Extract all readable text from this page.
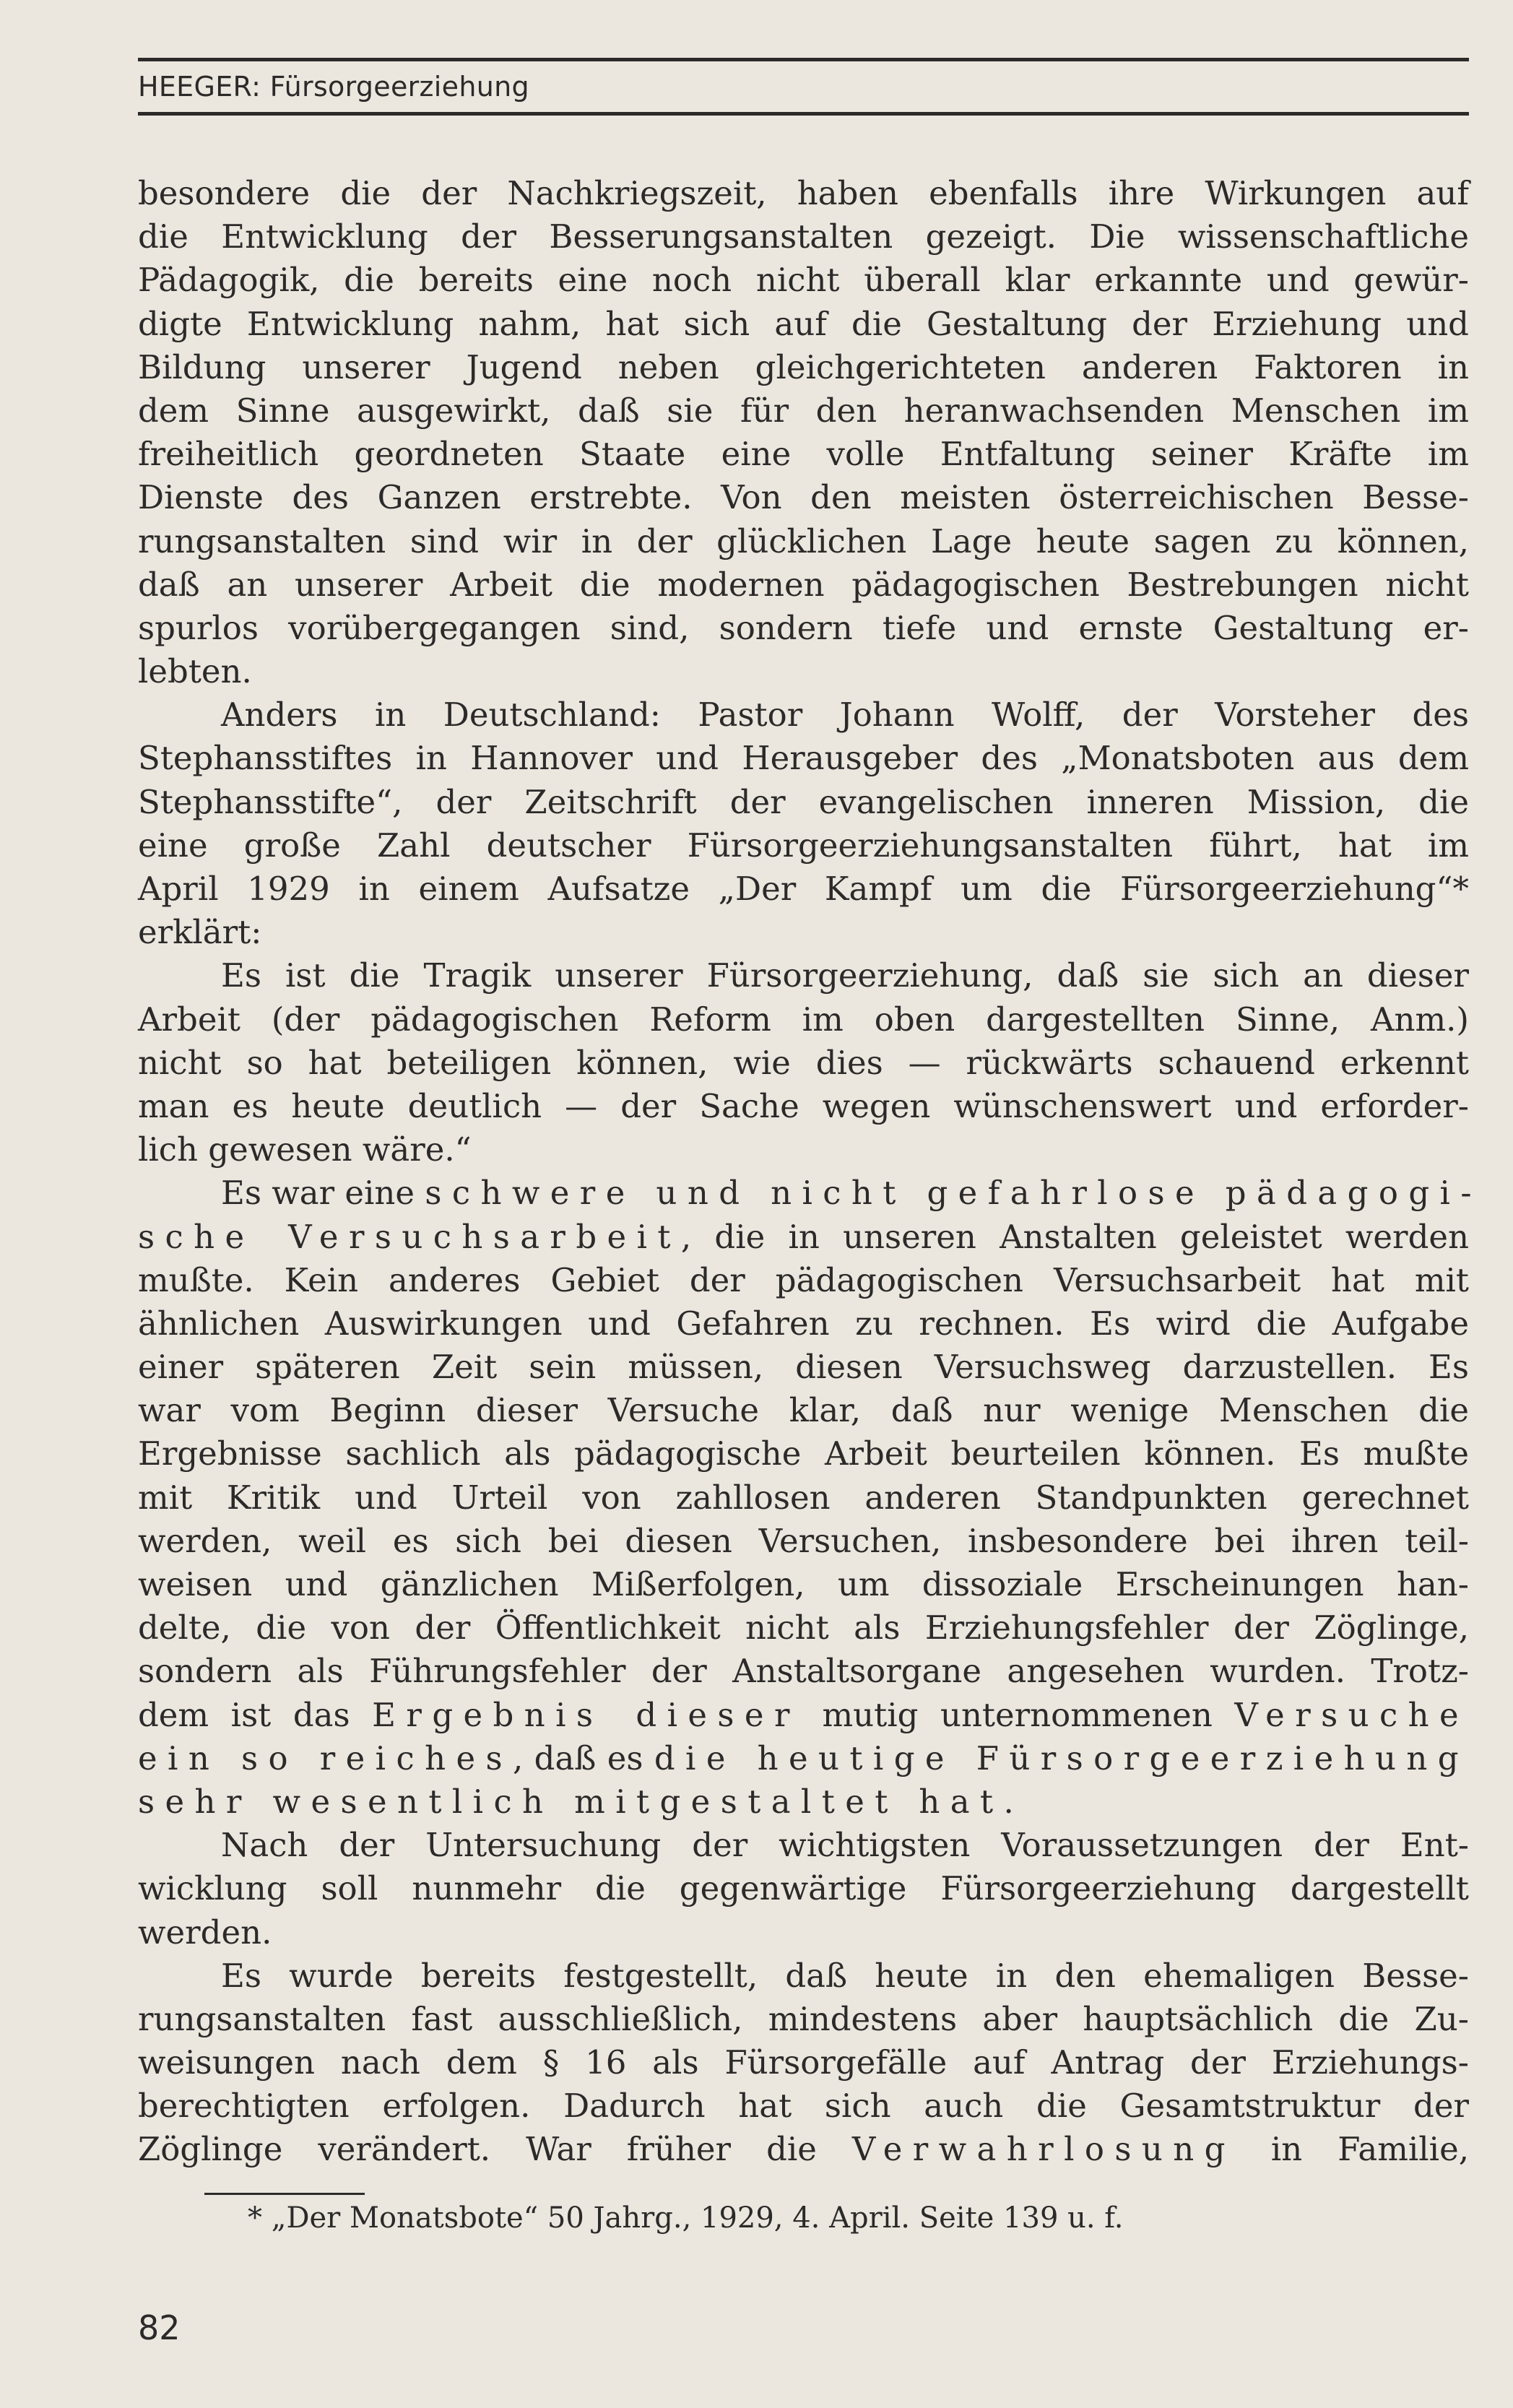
HEEGER: Fürsorgeerziehung
besondere die der Nachkriegszeit, haben ebenfalls ihre Wirkungen auf
die Entwicklung der Besserungsanstalten gezeigt. Die wissenschaftliche
Pädagogik, die bereits eine noch nicht überall klar erkannte und gewür-
digte Entwicklung nahm, hat sich auf die Gestaltung der Erziehung und
Bildung unserer Jugend neben gleichgerichteten anderen Faktoren in
dem Sinne ausgewirkt, daß sie für den heranwachsenden Menschen im
freiheitlich geordneten Staate eine volle Entfaltung seiner Kräfte im
Dienste des Ganzen erstrebte. Von den meisten österreichischen Besse-
rungsanstalten sind wir in der glücklichen Lage heute sagen zu können,
daß an unserer Arbeit die modernen pädagogischen Bestrebungen nicht
spurlos vorübergegangen sind, sondern tiefe und ernste Gestaltung er-
lebten.
Anders in Deutschland: Pastor Johann Wolff, der Vorsteher des
Stephansstiftes in Hannover und Herausgeber des „Monatsboten aus dem
Stephansstifte“, der Zeitschrift der evangelischen inneren Mission, die
eine große Zahl deutscher Fürsorgeerziehungsanstalten führt, hat im
April 1929 in einem Aufsatze „Der Kampf um die Fürsorgeerziehung“*
erklärt:
Es ist die Tragik unserer Fürsorgeerziehung, daß sie sich an dieser
Arbeit (der pädagogischen Reform im oben dargestellten Sinne, Anm.)
nicht so hat beteiligen können, wie dies — rückwärts schauend erkennt
man es heute deutlich — der Sache wegen wünschenswert und erforder-
lich gewesen wäre.“
Es war eine schwere und nicht gefahrlose pädagogi-
sche Versuchsarbeit, die in unseren Anstalten geleistet werden
mußte. Kein anderes Gebiet der pädagogischen Versuchsarbeit hat mit
ähnlichen Auswirkungen und Gefahren zu rechnen. Es wird die Aufgabe
einer späteren Zeit sein müssen, diesen Versuchsweg darzustellen. Es
war vom Beginn dieser Versuche klar, daß nur wenige Menschen die
Ergebnisse sachlich als pädagogische Arbeit beurteilen können. Es mußte
mit Kritik und Urteil von zahllosen anderen Standpunkten gerechnet
werden, weil es sich bei diesen Versuchen, insbesondere bei ihren teil-
weisen und gänzlichen Mißerfolgen, um dissoziale Erscheinungen han-
delte, die von der Öffentlichkeit nicht als Erziehungsfehler der Zöglinge,
sondern als Führungsfehler der Anstaltsorgane angesehen wurden. Trotz-
dem ist das Ergebnis dieser mutig unternommenen Versuche
ein so reiches, daß es die heutige Fürsorgeerziehung
sehr wesentlich mitgestaltet hat.
Nach der Untersuchung der wichtigsten Voraussetzungen der Ent-
wicklung soll nunmehr die gegenwärtige Fürsorgeerziehung dargestellt
werden.
Es wurde bereits festgestellt, daß heute in den ehemaligen Besse-
rungsanstalten fast ausschließlich, mindestens aber hauptsächlich die Zu-
weisungen nach dem § 16 als Fürsorgefälle auf Antrag der Erziehungs-
berechtigten erfolgen. Dadurch hat sich auch die Gesamtstruktur der
Zöglinge verändert. War früher die Verwahrlosung in Familie,
* „Der Monatsbote“ 50 Jahrg., 1929, 4. April. Seite 139 u. f.
82
